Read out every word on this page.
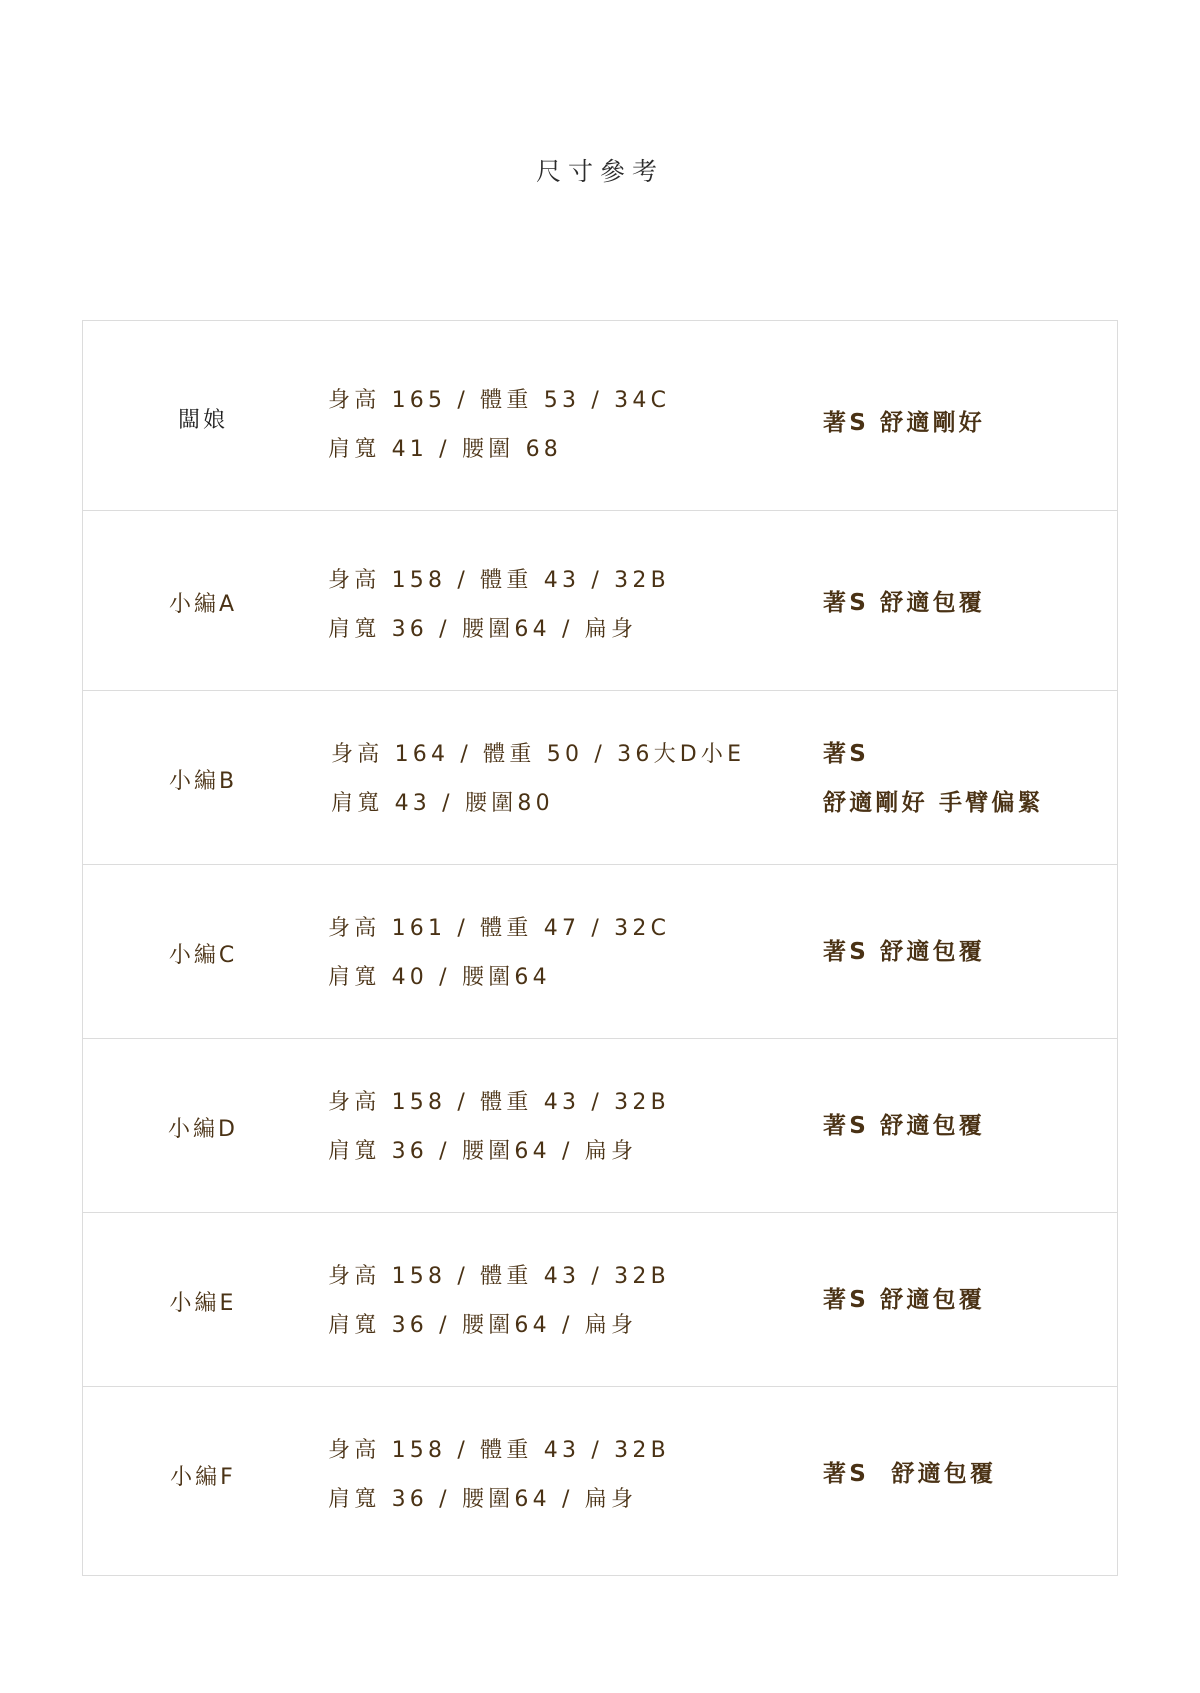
尺寸參考
闆娘
身高 165 / 體重 53 / 34C
肩寬 41 / 腰圍 68
著S 舒適剛好
小編A
身高 158 / 體重 43 / 32B
肩寬 36 / 腰圍64 / 扁身
著S 舒適包覆
小編B
身高 164 / 體重 50 / 36大D小E
肩寬 43 / 腰圍80
著S
舒適剛好 手臂偏緊
小編C
身高 161 / 體重 47 / 32C
肩寬 40 / 腰圍64
著S 舒適包覆
小編D
身高 158 / 體重 43 / 32B
肩寬 36 / 腰圍64 / 扁身
著S 舒適包覆
小編E
身高 158 / 體重 43 / 32B
肩寬 36 / 腰圍64 / 扁身
著S 舒適包覆
小編F
身高 158 / 體重 43 / 32B
肩寬 36 / 腰圍64 / 扁身
著S  舒適包覆
